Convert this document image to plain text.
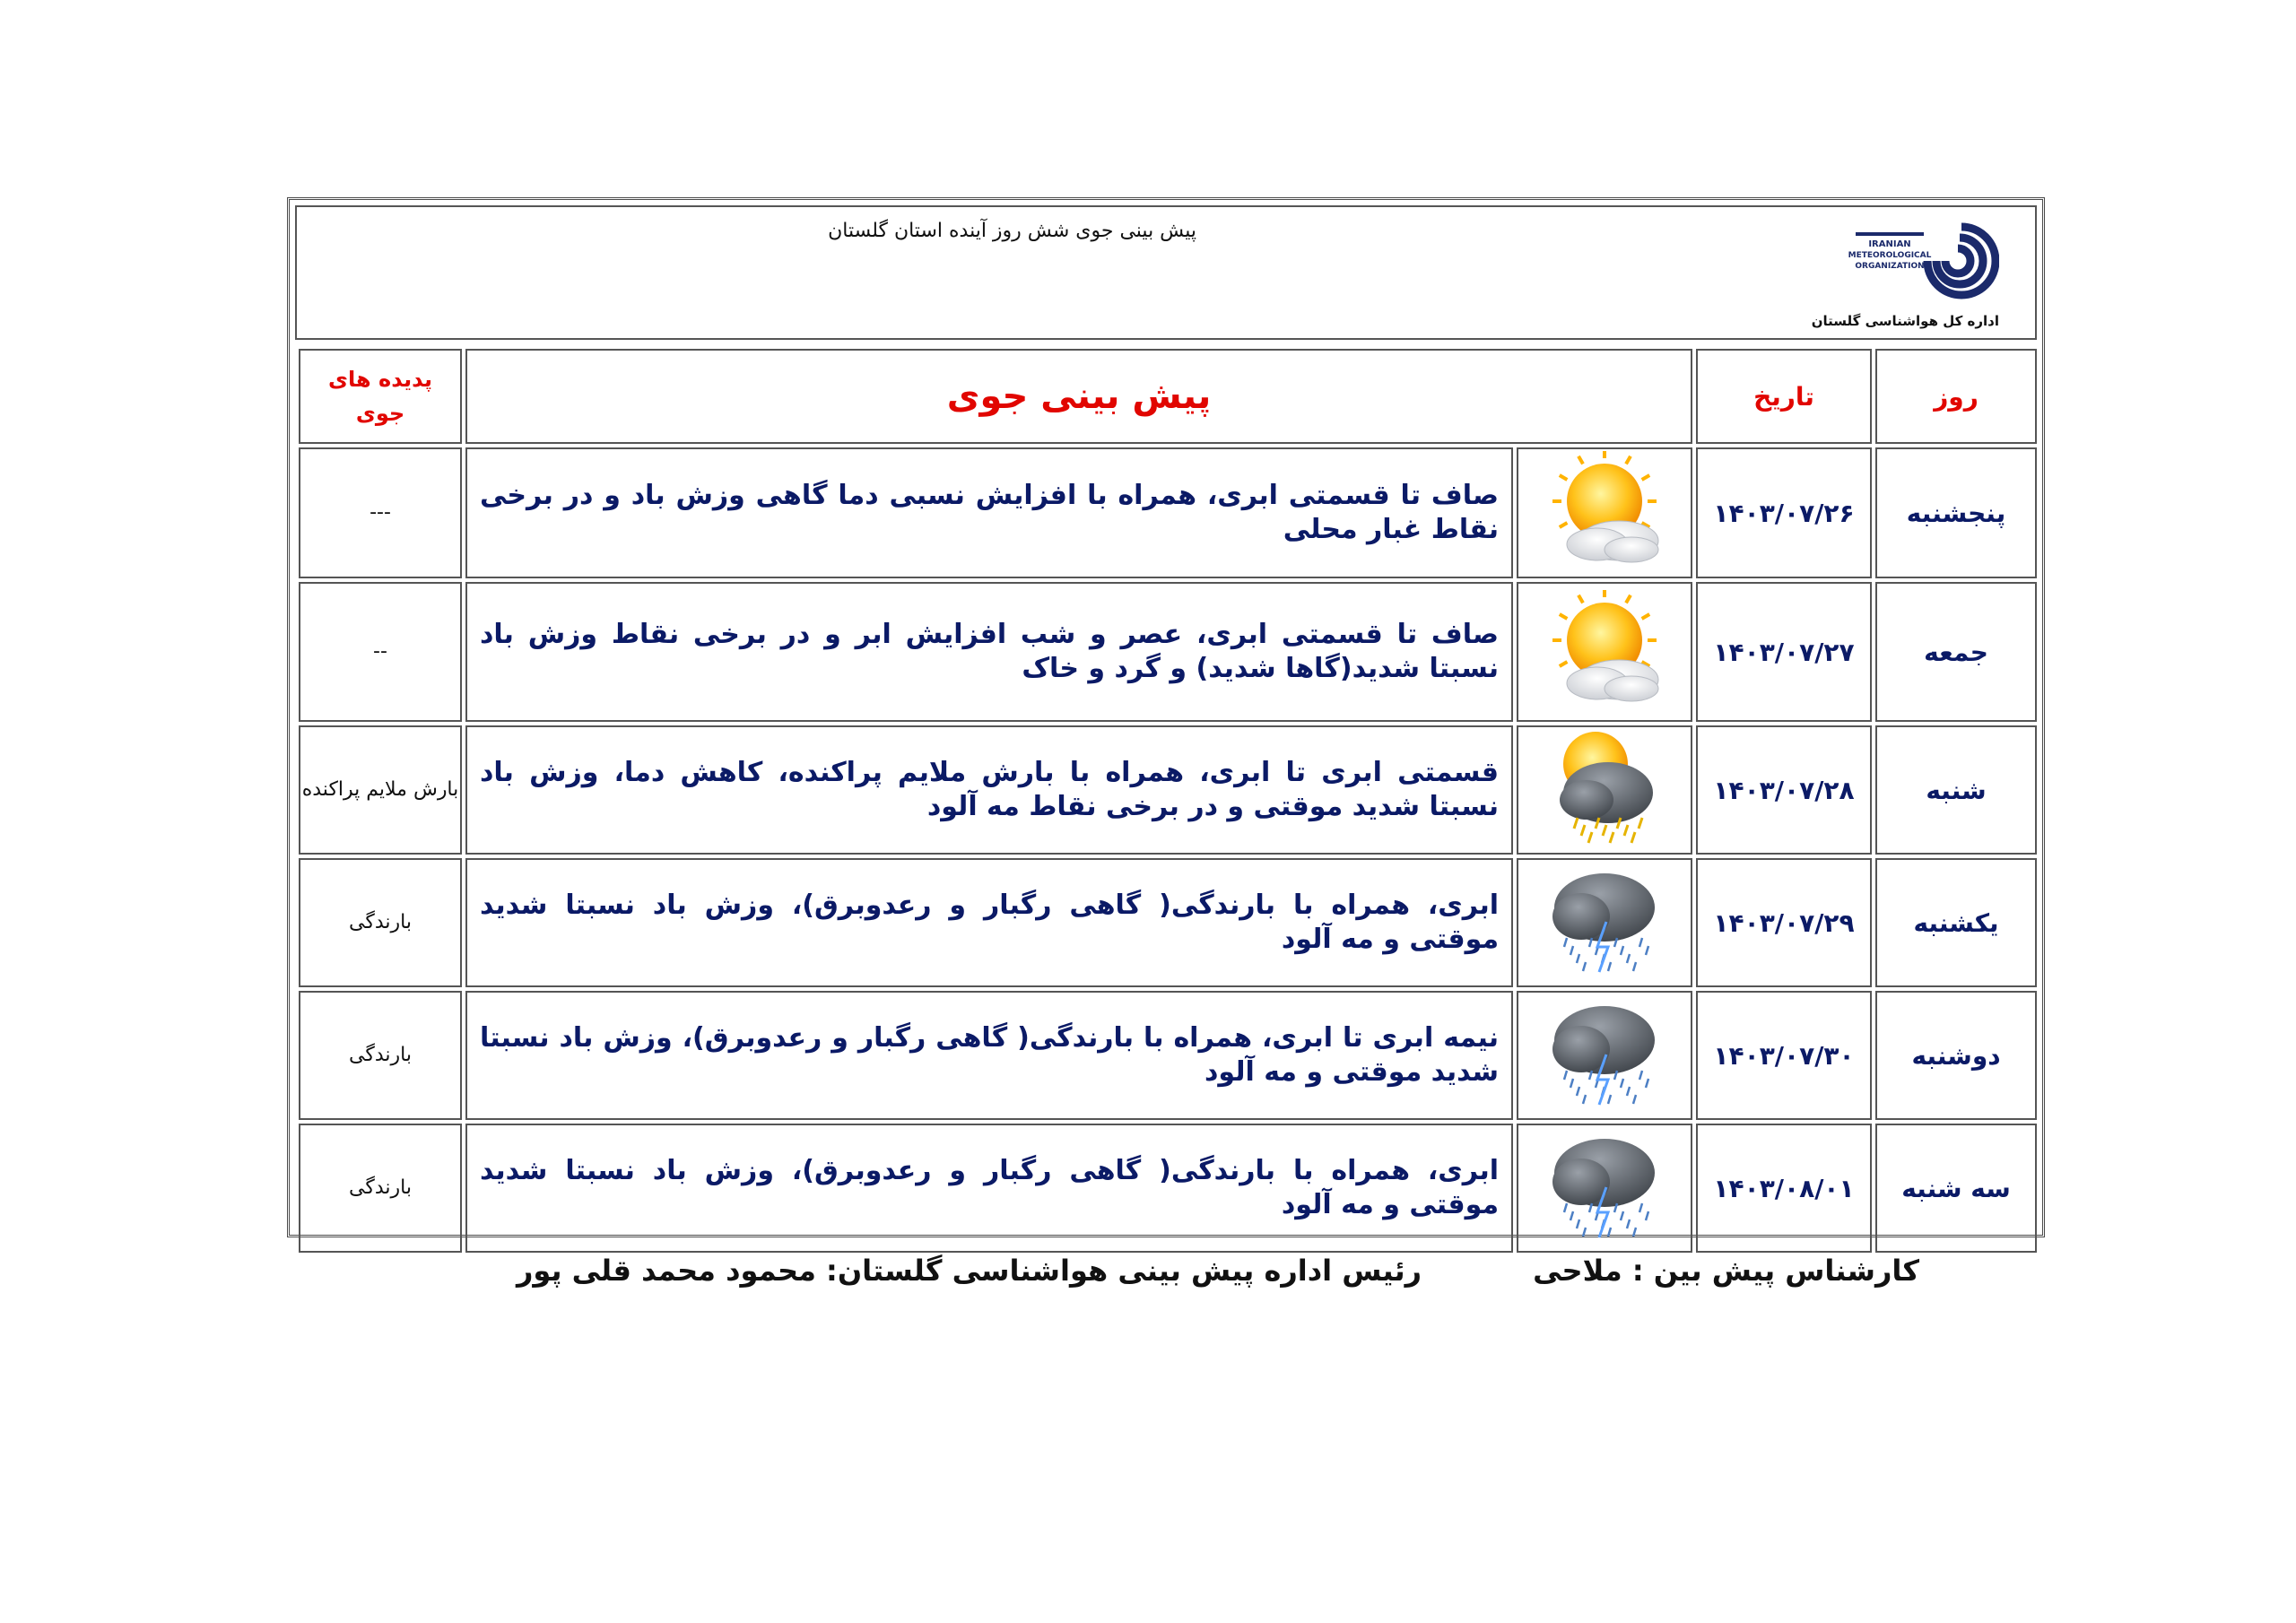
پیش بینی جوی شش روز آینده استان گلستان
IRANIAN
METEOROLOGICAL
ORGANIZATION
اداره کل هواشناسی گلستان
روز	تاریخ	پیش بینی جوی		پدیده های
جوی

پنجشنبه	۱۴۰۳/۰۷/۲۶		صاف تا قسمتی ابری، همراه با افزایش نسبی دما گاهی وزش باد و در برخی نقاط غبار محلی	---
جمعه	۱۴۰۳/۰۷/۲۷		صاف تا قسمتی ابری، عصر و شب افزایش ابر و در برخی نقاط وزش باد نسبتا شدید(گاها شدید) و گرد و خاک	--
شنبه	۱۴۰۳/۰۷/۲۸		قسمتی ابری تا ابری، همراه با بارش ملایم پراکنده، کاهش دما، وزش باد نسبتا شدید موقتی و در برخی نقاط مه آلود	بارش ملایم پراکنده
یکشنبه	۱۴۰۳/۰۷/۲۹		ابری، همراه با بارندگی( گاهی رگبار و رعدوبرق)، وزش باد نسبتا شدید موقتی و مه آلود	بارندگی
دوشنبه	۱۴۰۳/۰۷/۳۰		نیمه ابری تا ابری، همراه با بارندگی( گاهی رگبار و رعدوبرق)، وزش باد نسبتا شدید موقتی و مه آلود	بارندگی
سه شنبه	۱۴۰۳/۰۸/۰۱		ابری، همراه با بارندگی( گاهی رگبار و رعدوبرق)، وزش باد نسبتا شدید موقتی و مه آلود	بارندگی
کارشناس پیش بین : ملاحی
رئیس اداره پیش بینی هواشناسی گلستان: محمود محمد قلی پور
